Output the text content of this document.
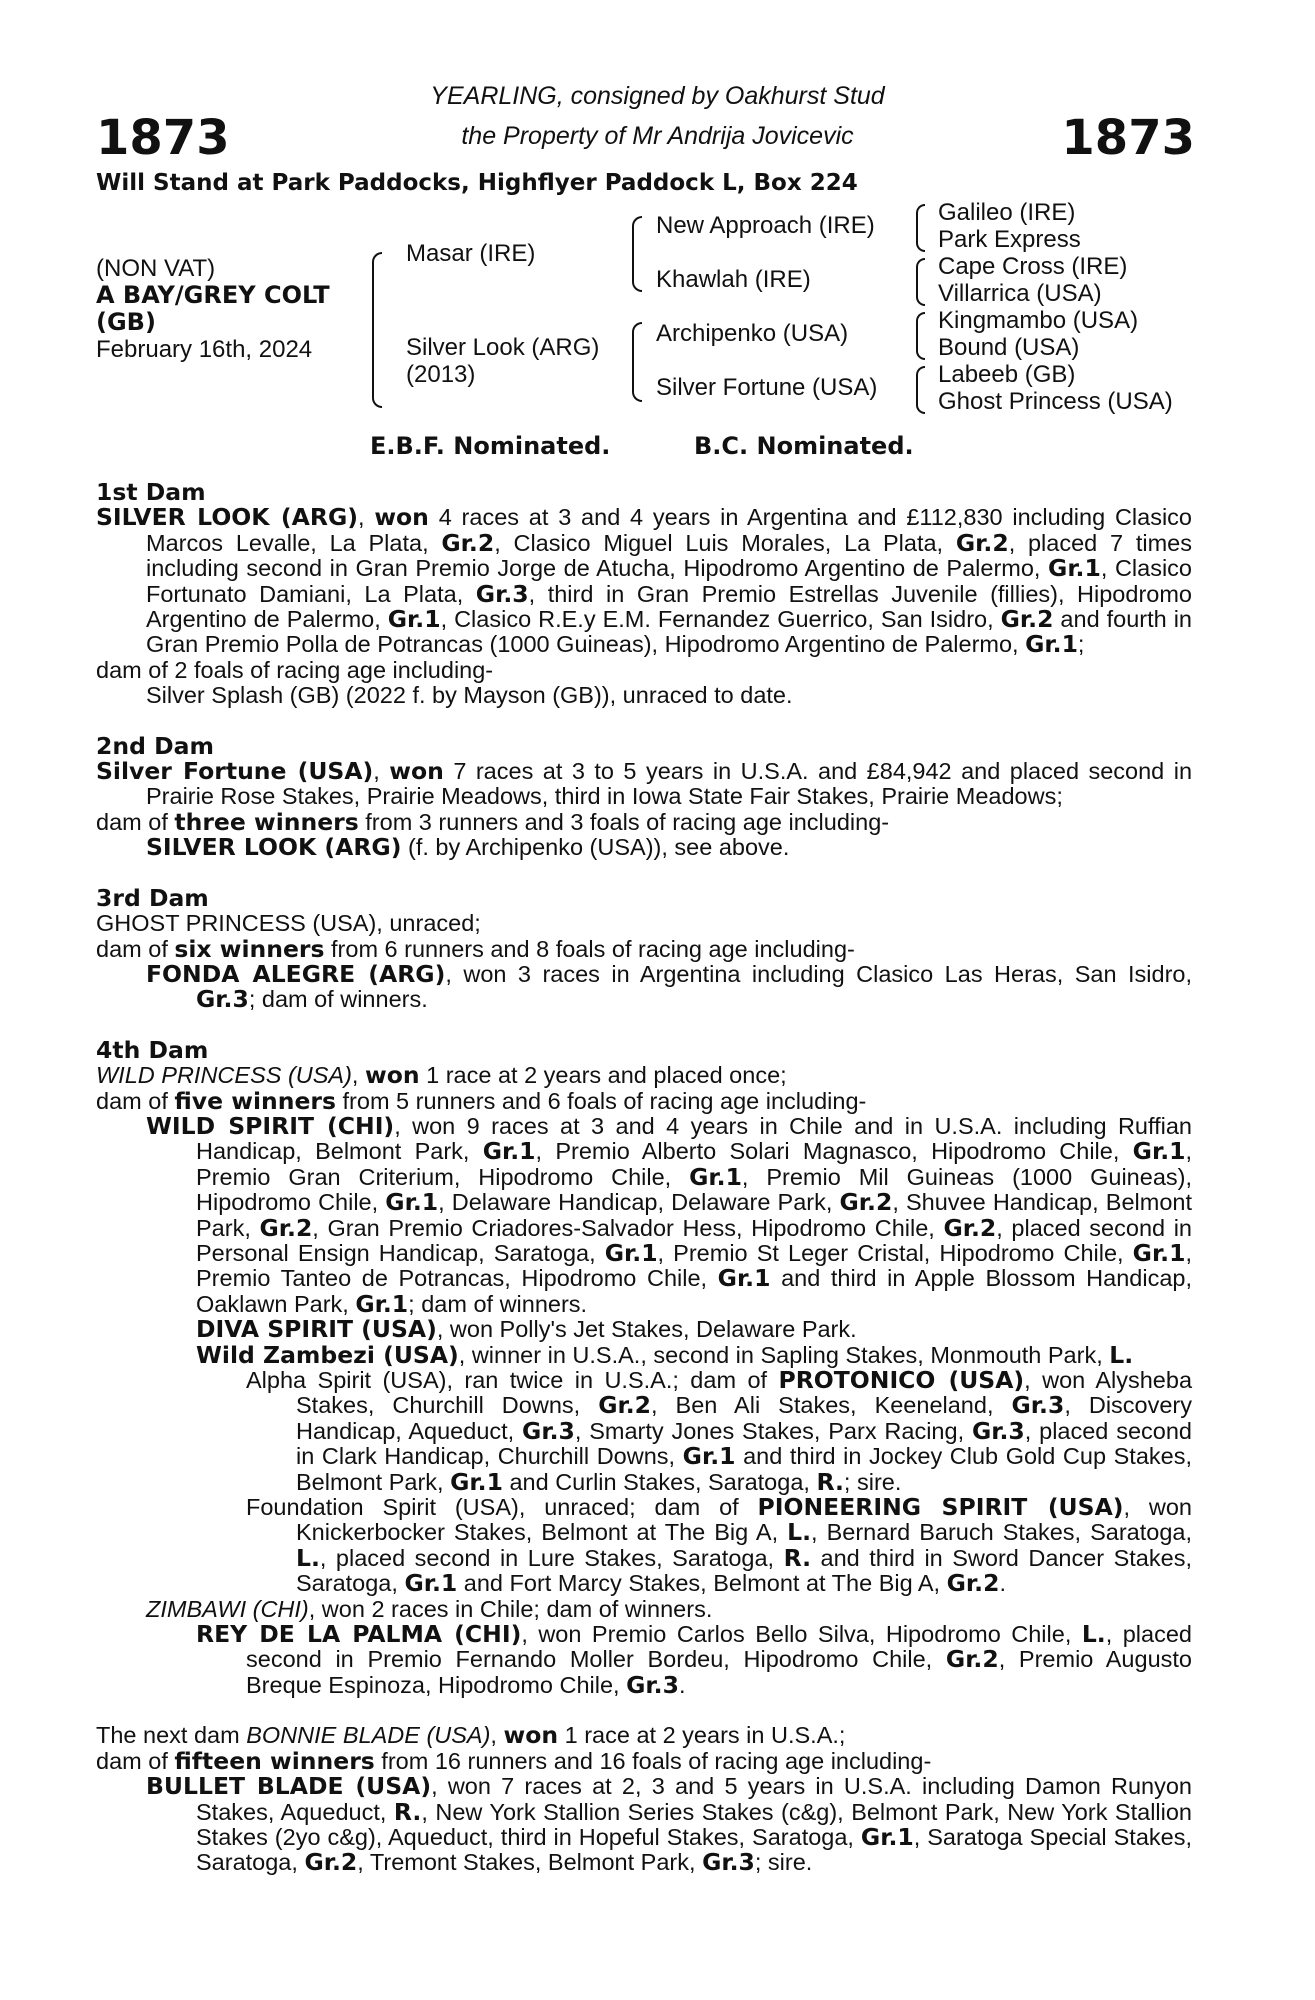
1873	1873
YEARLING, consigned by Oakhurst Stud
the Property of Mr Andrija Jovicevic
Will Stand at Park Paddocks, Highflyer Paddock L, Box 224
(NON VAT)
A BAY/GREY COLT
(GB)
February 16th, 2024
Masar (IRE)
Silver Look (ARG)
(2013)
New Approach (IRE)
Khawlah (IRE)
Archipenko (USA)
Silver Fortune (USA)
Galileo (IRE)
Park Express
Cape Cross (IRE)
Villarrica (USA)
Kingmambo (USA)
Bound (USA)
Labeeb (GB)
Ghost Princess (USA)
E.B.F. Nominated.	B.C. Nominated.
1st Dam
SILVER LOOK (ARG), won 4 races at 3 and 4 years in Argentina and £112,830 including Clasico Marcos Levalle, La Plata, Gr.2, Clasico Miguel Luis Morales, La Plata, Gr.2, placed 7 times including second in Gran Premio Jorge de Atucha, Hipodromo Argentino de Palermo, Gr.1, Clasico Fortunato Damiani, La Plata, Gr.3, third in Gran Premio Estrellas Juvenile (fillies), Hipodromo Argentino de Palermo, Gr.1, Clasico R.E.y E.M. Fernandez Guerrico, San Isidro, Gr.2 and fourth in Gran Premio Polla de Potrancas (1000 Guineas), Hipodromo Argentino de Palermo, Gr.1;
dam of 2 foals of racing age including-
Silver Splash (GB) (2022 f. by Mayson (GB)), unraced to date.
2nd Dam
Silver Fortune (USA), won 7 races at 3 to 5 years in U.S.A. and £84,942 and placed second in Prairie Rose Stakes, Prairie Meadows, third in Iowa State Fair Stakes, Prairie Meadows;
dam of three winners from 3 runners and 3 foals of racing age including-
SILVER LOOK (ARG) (f. by Archipenko (USA)), see above.
3rd Dam
GHOST PRINCESS (USA), unraced;
dam of six winners from 6 runners and 8 foals of racing age including-
FONDA ALEGRE (ARG), won 3 races in Argentina including Clasico Las Heras, San Isidro, Gr.3; dam of winners.
4th Dam
WILD PRINCESS (USA), won 1 race at 2 years and placed once;
dam of five winners from 5 runners and 6 foals of racing age including-
WILD SPIRIT (CHI), won 9 races at 3 and 4 years in Chile and in U.S.A. including Ruffian Handicap, Belmont Park, Gr.1, Premio Alberto Solari Magnasco, Hipodromo Chile, Gr.1, Premio Gran Criterium, Hipodromo Chile, Gr.1, Premio Mil Guineas (1000 Guineas), Hipodromo Chile, Gr.1, Delaware Handicap, Delaware Park, Gr.2, Shuvee Handicap, Belmont Park, Gr.2, Gran Premio Criadores-Salvador Hess, Hipodromo Chile, Gr.2, placed second in Personal Ensign Handicap, Saratoga, Gr.1, Premio St Leger Cristal, Hipodromo Chile, Gr.1, Premio Tanteo de Potrancas, Hipodromo Chile, Gr.1 and third in Apple Blossom Handicap, Oaklawn Park, Gr.1; dam of winners.
DIVA SPIRIT (USA), won Polly's Jet Stakes, Delaware Park.
Wild Zambezi (USA), winner in U.S.A., second in Sapling Stakes, Monmouth Park, L.
Alpha Spirit (USA), ran twice in U.S.A.; dam of PROTONICO (USA), won Alysheba Stakes, Churchill Downs, Gr.2, Ben Ali Stakes, Keeneland, Gr.3, Discovery Handicap, Aqueduct, Gr.3, Smarty Jones Stakes, Parx Racing, Gr.3, placed second in Clark Handicap, Churchill Downs, Gr.1 and third in Jockey Club Gold Cup Stakes, Belmont Park, Gr.1 and Curlin Stakes, Saratoga, R.; sire.
Foundation Spirit (USA), unraced; dam of PIONEERING SPIRIT (USA), won Knickerbocker Stakes, Belmont at The Big A, L., Bernard Baruch Stakes, Saratoga, L., placed second in Lure Stakes, Saratoga, R. and third in Sword Dancer Stakes, Saratoga, Gr.1 and Fort Marcy Stakes, Belmont at The Big A, Gr.2.
ZIMBAWI (CHI), won 2 races in Chile; dam of winners.
REY DE LA PALMA (CHI), won Premio Carlos Bello Silva, Hipodromo Chile, L., placed second in Premio Fernando Moller Bordeu, Hipodromo Chile, Gr.2, Premio Augusto Breque Espinoza, Hipodromo Chile, Gr.3.
The next dam BONNIE BLADE (USA), won 1 race at 2 years in U.S.A.;
dam of fifteen winners from 16 runners and 16 foals of racing age including-
BULLET BLADE (USA), won 7 races at 2, 3 and 5 years in U.S.A. including Damon Runyon Stakes, Aqueduct, R., New York Stallion Series Stakes (c&g), Belmont Park, New York Stallion Stakes (2yo c&g), Aqueduct, third in Hopeful Stakes, Saratoga, Gr.1, Saratoga Special Stakes, Saratoga, Gr.2, Tremont Stakes, Belmont Park, Gr.3; sire.
